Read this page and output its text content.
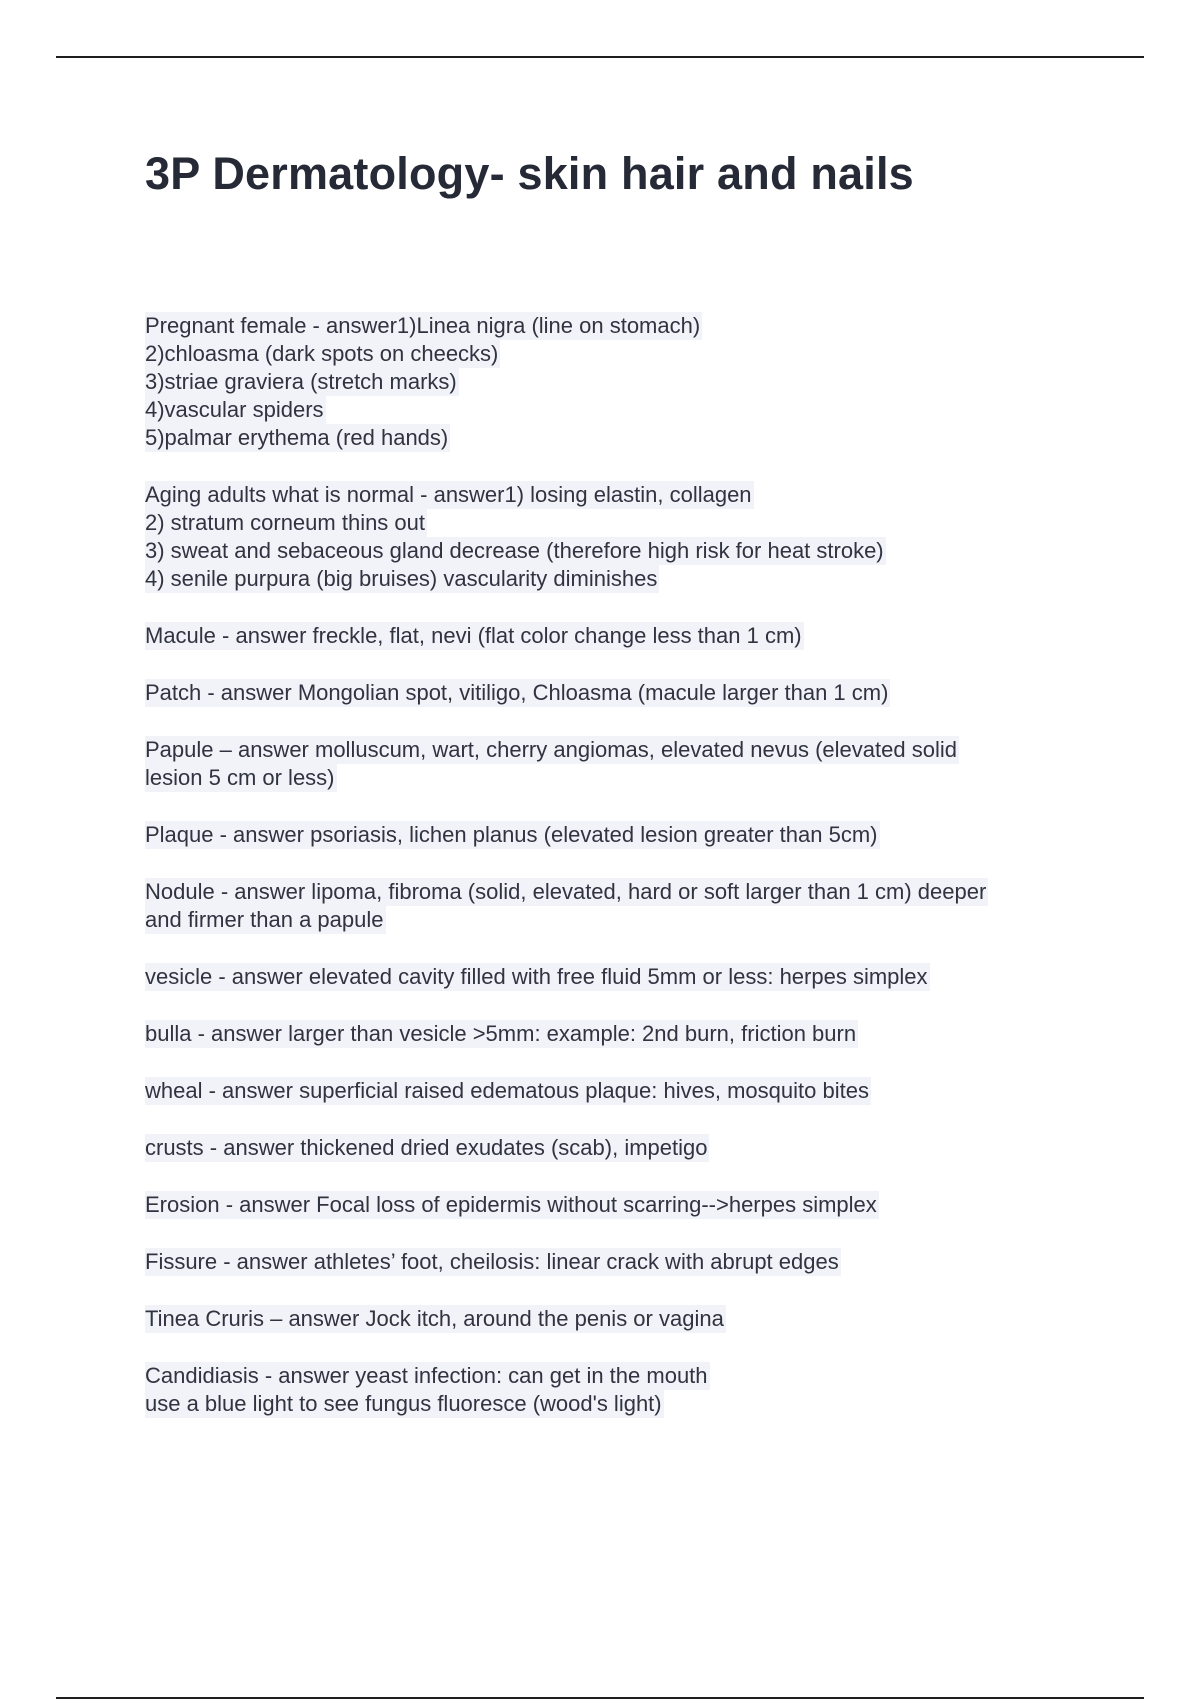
3P Dermatology- skin hair and nails
Pregnant female - answer1)Linea nigra (line on stomach)
2)chloasma (dark spots on cheecks)
3)striae graviera (stretch marks)
4)vascular spiders
5)palmar erythema (red hands)
Aging adults what is normal - answer1) losing elastin, collagen
2) stratum corneum thins out
3) sweat and sebaceous gland decrease (therefore high risk for heat stroke)
4) senile purpura (big bruises) vascularity diminishes
Macule - answer freckle, flat, nevi (flat color change less than 1 cm)
Patch - answer Mongolian spot, vitiligo, Chloasma (macule larger than 1 cm)
Papule – answer molluscum, wart, cherry angiomas, elevated nevus (elevated solid
lesion 5 cm or less)
Plaque - answer psoriasis, lichen planus (elevated lesion greater than 5cm)
Nodule - answer lipoma, fibroma (solid, elevated, hard or soft larger than 1 cm) deeper
and firmer than a papule
vesicle - answer elevated cavity filled with free fluid 5mm or less: herpes simplex
bulla - answer larger than vesicle >5mm: example: 2nd burn, friction burn
wheal - answer superficial raised edematous plaque: hives, mosquito bites
crusts - answer thickened dried exudates (scab), impetigo
Erosion - answer Focal loss of epidermis without scarring-->herpes simplex
Fissure - answer athletes’ foot, cheilosis: linear crack with abrupt edges
Tinea Cruris – answer Jock itch, around the penis or vagina
Candidiasis - answer yeast infection: can get in the mouth
use a blue light to see fungus fluoresce (wood's light)
